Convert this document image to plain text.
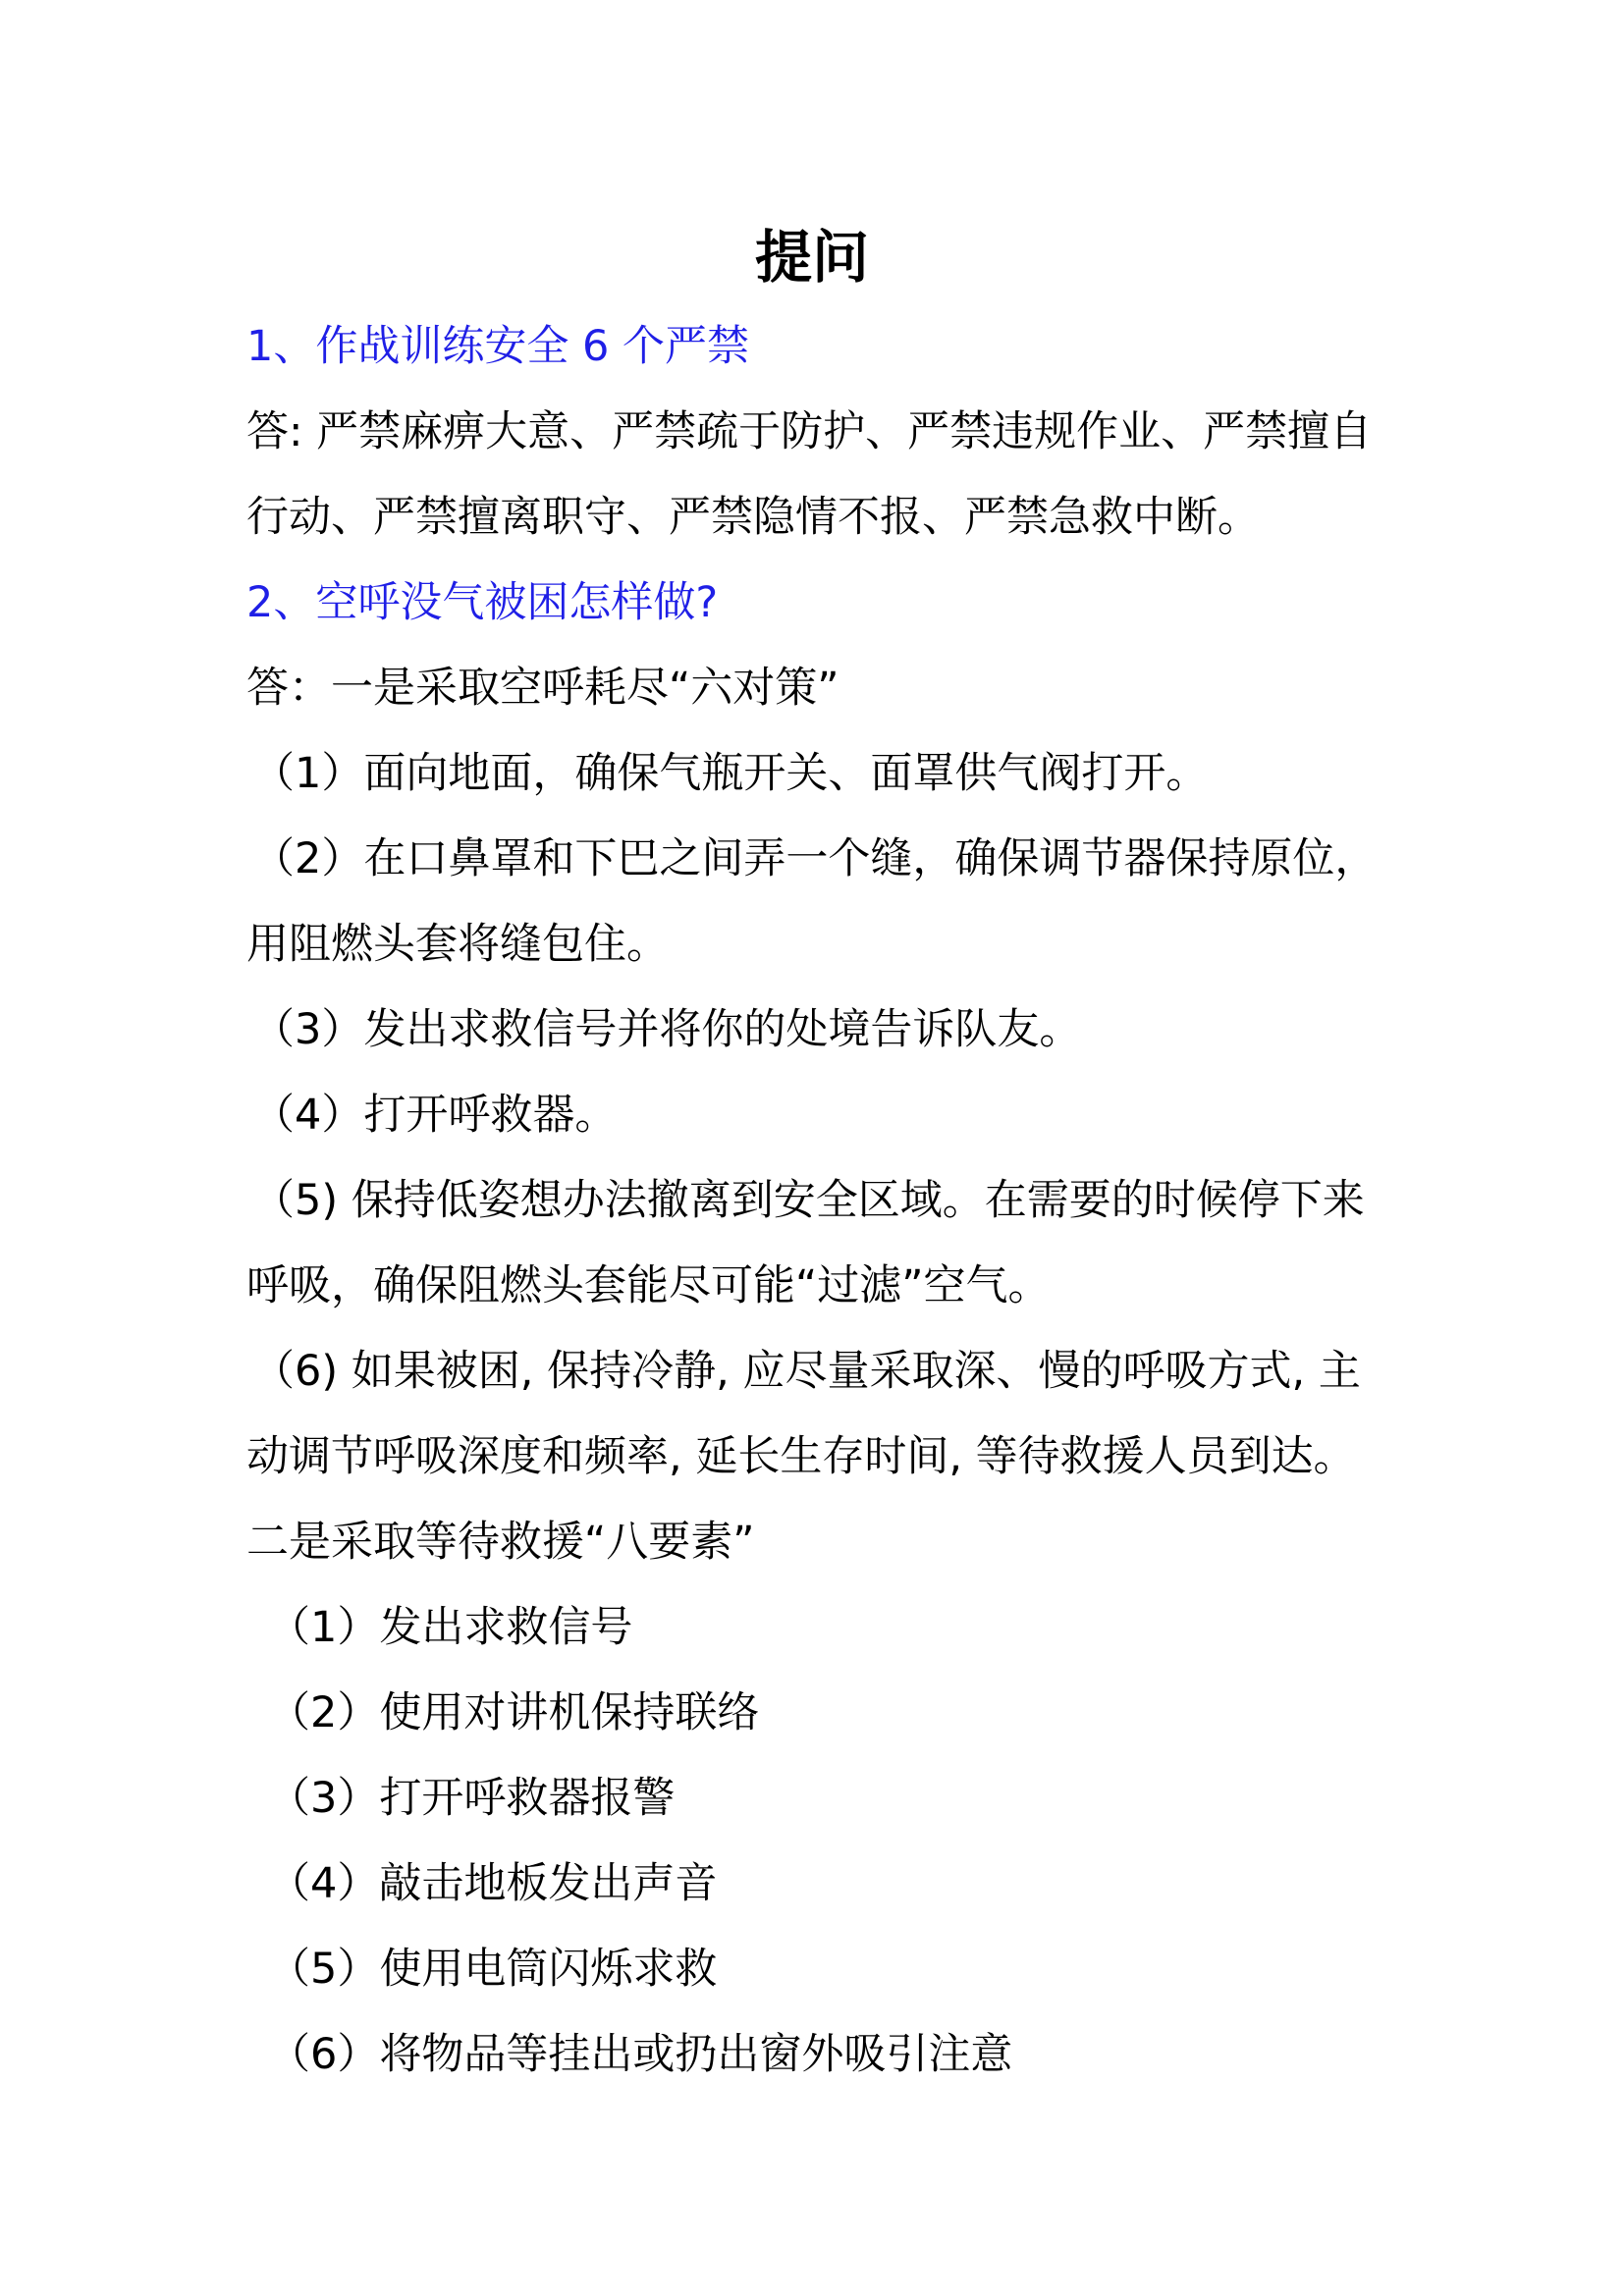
提问
1、作战训练安全 6 个严禁
答: 严禁麻痹大意、严禁疏于防护、严禁违规作业、严禁擅自
行动、严禁擅离职守、严禁隐情不报、严禁急救中断。
2、空呼没气被困怎样做?
答：一是采取空呼耗尽“六对策”
（1）面向地面，确保气瓶开关、面罩供气阀打开。
（2）在口鼻罩和下巴之间弄一个缝，确保调节器保持原位，
用阻燃头套将缝包住。
（3）发出求救信号并将你的处境告诉队友。
（4）打开呼救器。
（5) 保持低姿想办法撤离到安全区域。在需要的时候停下来
呼吸，确保阻燃头套能尽可能“过滤”空气。
（6) 如果被困, 保持冷静, 应尽量采取深、慢的呼吸方式, 主
动调节呼吸深度和频率, 延长生存时间, 等待救援人员到达。
二是采取等待救援“八要素”
（1）发出求救信号
（2）使用对讲机保持联络
（3）打开呼救器报警
（4）敲击地板发出声音
（5）使用电筒闪烁求救
（6）将物品等挂出或扔出窗外吸引注意
